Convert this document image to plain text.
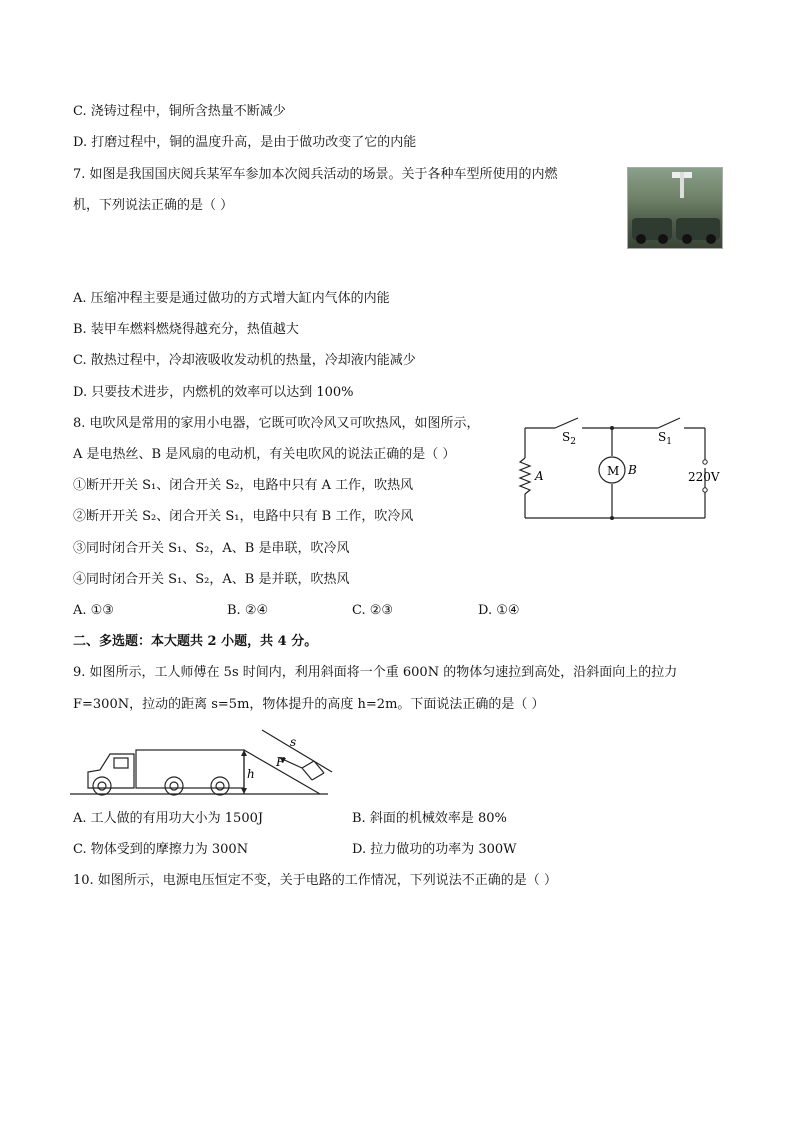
C. 浇铸过程中，铜所含热量不断减少
D. 打磨过程中，铜的温度升高，是由于做功改变了它的内能
7. 如图是我国国庆阅兵某军车参加本次阅兵活动的场景。关于各种车型所使用的内燃
机，下列说法正确的是（ ）
A. 压缩冲程主要是通过做功的方式增大缸内气体的内能
B. 装甲车燃料燃烧得越充分，热值越大
C. 散热过程中，冷却液吸收发动机的热量，冷却液内能减少
D. 只要技术进步，内燃机的效率可以达到 100%
8. 电吹风是常用的家用小电器，它既可吹冷风又可吹热风，如图所示，
A 是电热丝、B 是风扇的电动机，有关电吹风的说法正确的是（ ）
①断开开关 S₁、闭合开关 S₂，电路中只有 A 工作，吹热风
②断开开关 S₂、闭合开关 S₁，电路中只有 B 工作，吹冷风
③同时闭合开关 S₁、S₂，A、B 是串联，吹冷风
④同时闭合开关 S₁、S₂，A、B 是并联，吹热风
A. ①③	B. ②④	C. ②③	D. ①④
$S_2$	$S_1$
A	M B	220V
二、多选题：本大题共 2 小题，共 4 分。
9. 如图所示，工人师傅在 5s 时间内，利用斜面将一个重 600N 的物体匀速拉到高处，沿斜面向上的拉力
F=300N，拉动的距离 s=5m，物体提升的高度 h=2m。下面说法正确的是（ ）
s
F
h
A. 工人做的有用功大小为 1500J	B. 斜面的机械效率是 80%
C. 物体受到的摩擦力为 300N	D. 拉力做功的功率为 300W
10. 如图所示，电源电压恒定不变，关于电路的工作情况，下列说法不正确的是（ ）
